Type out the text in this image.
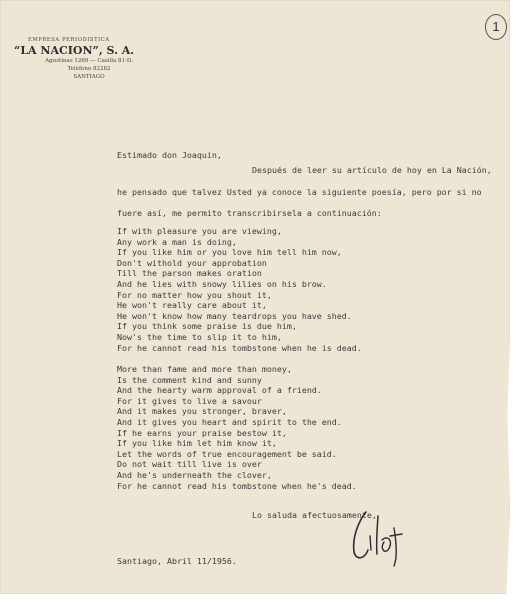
EMPRESA PERIODISTICA
“LA NACION”, S. A.
Agustinas 1269 — Casilla 81-D.
Teléfono 82282
SANTIAGO
1
Estimado don Joaquin,
Después de leer su artículo de hoy en La Nación,
he pensado que talvez Usted ya conoce la siguiente poesía, pero por si no
fuere así, me permito transcribirsela a continuación:
If with pleasure you are viewing,
Any work a man is doing,
If you like him or you love him tell him now,
Don't withold your approbation
Till the parson makes oration
And he lies with snowy lilies on his brow.
For no matter how you shout it,
He won't really care about it,
He won't know how many teardrops you have shed.
If you think some praise is due him,
Now's the time to slip it to him,
For he cannot read his tombstone when he is dead.
More than fame and more than money,
Is the comment kind and sunny
And the hearty warm approval of a friend.
For it gives to live a savour
And it makes you stronger, braver,
And it gives you heart and spirit to the end.
If he earns your praise bestow it,
If you like him let him know it,
Let the words of true encouragement be said.
Do not wait till live is over
And he's underneath the clover,
For he cannot read his tombstone when he's dead.
Lo saluda afectuosamente,
Santiago, Abril 11/1956.
